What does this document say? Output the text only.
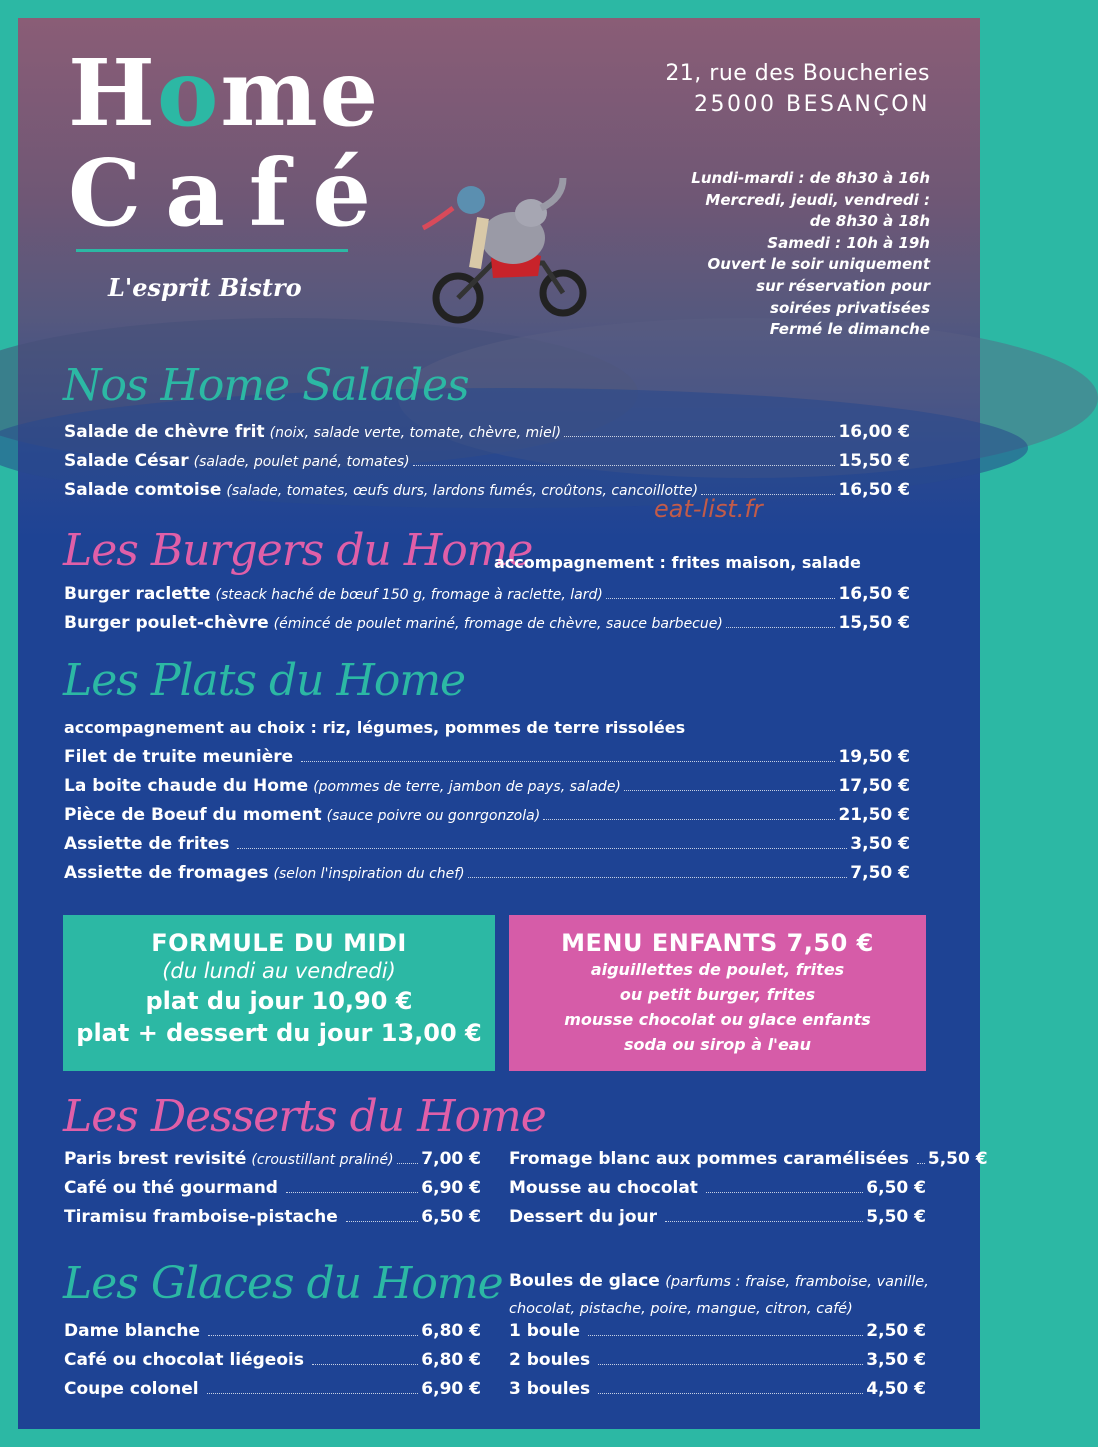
Home
Café
L'esprit Bistro
21, rue des Boucheries
25000 BESANÇON
Lundi-mardi : de 8h30 à 16h
Mercredi, jeudi, vendredi :
de 8h30 à 18h
Samedi : 10h à 19h
Ouvert le soir uniquement
sur réservation pour
soirées privatisées
Fermé le dimanche
Nos Home Salades
Salade de chèvre frit (noix, salade verte, tomate, chèvre, miel)	16,00 €
Salade César (salade, poulet pané, tomates)	15,50 €
Salade comtoise (salade, tomates, œufs durs, lardons fumés, croûtons, cancoillotte)	16,50 €
eat-list.fr
Les Burgers du Home
accompagnement : frites maison, salade
Burger raclette (steack haché de bœuf 150 g, fromage à raclette, lard)	16,50 €
Burger poulet-chèvre (émincé de poulet mariné, fromage de chèvre, sauce barbecue)	15,50 €
Les Plats du Home
accompagnement au choix : riz, légumes, pommes de terre rissolées
Filet de truite meunière	19,50 €
La boite chaude du Home (pommes de terre, jambon de pays, salade)	17,50 €
Pièce de Boeuf du moment (sauce poivre ou gonrgonzola)	21,50 €
Assiette de frites	3,50 €
Assiette de fromages (selon l'inspiration du chef)	7,50 €
FORMULE DU MIDI
(du lundi au vendredi)
plat du jour 10,90 €
plat + dessert du jour 13,00 €
MENU ENFANTS 7,50 €
aiguillettes de poulet, frites
ou petit burger, frites
mousse chocolat ou glace enfants
soda ou sirop à l'eau
Les Desserts du Home
Paris brest revisité (croustillant praliné) 7,00 €
Café ou thé gourmand	6,90 €
Tiramisu framboise-pistache	6,50 €
Fromage blanc aux pommes caramélisées 5,50 €
Mousse au chocolat	6,50 €
Dessert du jour	5,50 €
Les Glaces du Home Boules de glace (parfums : fraise, framboise, vanille, chocolat, pistache, poire, mangue, citron, café)
Dame blanche	6,80 €
Café ou chocolat liégeois	6,80 €
Coupe colonel	6,90 €
1 boule	2,50 €
2 boules	3,50 €
3 boules	4,50 €
